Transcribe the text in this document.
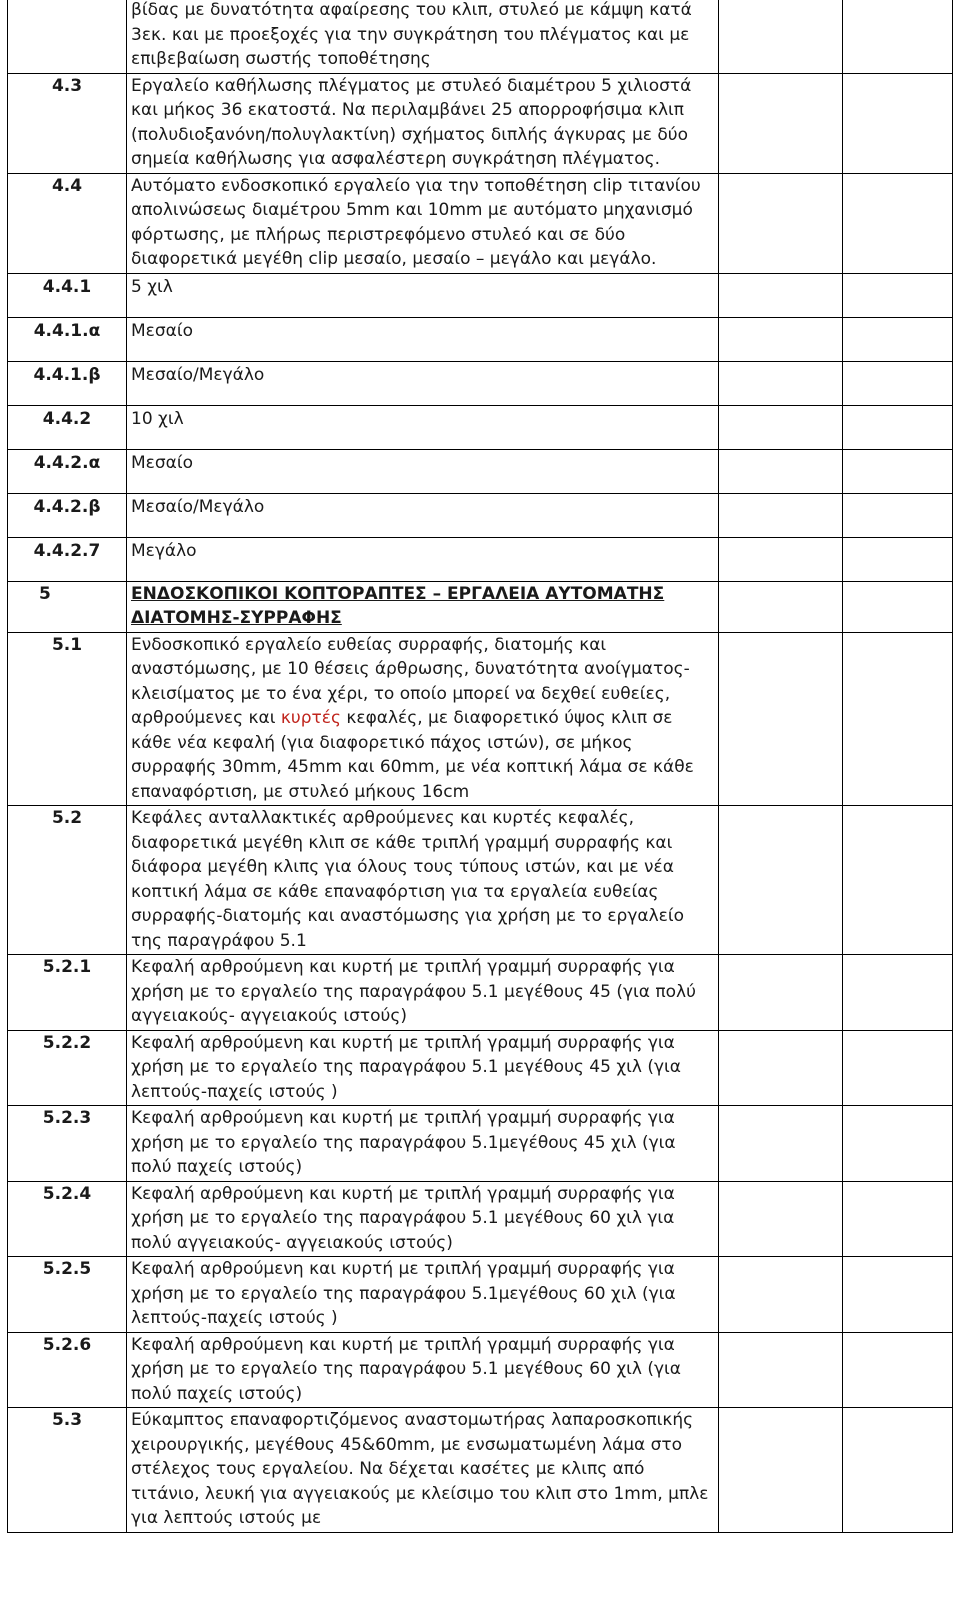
	βίδας με δυνατότητα αφαίρεσης του κλιπ, στυλεό με κάμψη κατά 3εκ. και με προεξοχές για την συγκράτηση του πλέγματος και με επιβεβαίωση σωστής τοποθέτησης		
4.3	Εργαλείο καθήλωσης πλέγματος με στυλεό διαμέτρου 5 χιλιοστά και μήκος 36 εκατοστά. Να περιλαμβάνει 25 απορροφήσιμα κλιπ (πολυδιοξανόνη/πολυγλακτίνη) σχήματος διπλής άγκυρας με δύο σημεία καθήλωσης για ασφαλέστερη συγκράτηση πλέγματος.		
4.4	Αυτόματο ενδοσκοπικό εργαλείο για την τοποθέτηση clip τιτανίου απολινώσεως διαμέτρου 5mm και 10mm με αυτόματο μηχανισμό φόρτωσης, με πλήρως περιστρεφόμενο στυλεό και σε δύο διαφορετικά μεγέθη clip μεσαίο, μεσαίο – μεγάλο και μεγάλο.		
4.4.1	5 χιλ		
4.4.1.α	Μεσαίο		
4.4.1.β	Μεσαίο/Μεγάλο		
4.4.2	10 χιλ		
4.4.2.α	Μεσαίο		
4.4.2.β	Μεσαίο/Μεγάλο		
4.4.2.7	Μεγάλο		
5	ΕΝΔΟΣΚΟΠΙΚΟΙ ΚΟΠΤΟΡΑΠΤΕΣ – ΕΡΓΑΛΕΙΑ ΑΥΤΟΜΑΤΗΣ ΔΙΑΤΟΜΗΣ-ΣΥΡΡΑΦΗΣ		
5.1	Ενδοσκοπικό εργαλείο ευθείας συρραφής, διατομής και αναστόμωσης, με 10 θέσεις άρθρωσης, δυνατότητα ανοίγματος-κλεισίματος με το ένα χέρι, το οποίο μπορεί να δεχθεί ευθείες, αρθρούμενες και κυρτές κεφαλές, με διαφορετικό ύψος κλιπ σε κάθε νέα κεφαλή (για διαφορετικό πάχος ιστών), σε μήκος συρραφής 30mm, 45mm και 60mm, με νέα κοπτική λάμα σε κάθε επαναφόρτιση, με στυλεό μήκους 16cm		
5.2	Κεφάλες ανταλλακτικές αρθρούμενες και κυρτές κεφαλές, διαφορετικά μεγέθη κλιπ σε κάθε τριπλή γραμμή συρραφής και διάφορα μεγέθη κλιπς για όλους τους τύπους ιστών, και με νέα κοπτική λάμα σε κάθε επαναφόρτιση για τα εργαλεία ευθείας συρραφής-διατομής και αναστόμωσης για χρήση με το εργαλείο της παραγράφου 5.1		
5.2.1	Κεφαλή αρθρούμενη και κυρτή με τριπλή γραμμή συρραφής για χρήση με το εργαλείο της παραγράφου 5.1 μεγέθους 45 (για πολύ αγγειακούς- αγγειακούς ιστούς)		
5.2.2	Κεφαλή αρθρούμενη και κυρτή με τριπλή γραμμή συρραφής για χρήση με το εργαλείο της παραγράφου 5.1 μεγέθους 45 χιλ (για λεπτούς-παχείς ιστούς )		
5.2.3	Κεφαλή αρθρούμενη και κυρτή με τριπλή γραμμή συρραφής για χρήση με το εργαλείο της παραγράφου 5.1μεγέθους 45 χιλ (για πολύ παχείς ιστούς)		
5.2.4	Κεφαλή αρθρούμενη και κυρτή με τριπλή γραμμή συρραφής για χρήση με το εργαλείο της παραγράφου 5.1 μεγέθους 60 χιλ για πολύ αγγειακούς- αγγειακούς ιστούς)		
5.2.5	Κεφαλή αρθρούμενη και κυρτή με τριπλή γραμμή συρραφής για χρήση με το εργαλείο της παραγράφου 5.1μεγέθους 60 χιλ (για λεπτούς-παχείς ιστούς )		
5.2.6	Κεφαλή αρθρούμενη και κυρτή με τριπλή γραμμή συρραφής για χρήση με το εργαλείο της παραγράφου 5.1 μεγέθους 60 χιλ (για πολύ παχείς ιστούς)		
5.3	Εύκαμπτος επαναφορτιζόμενος αναστομωτήρας λαπαροσκοπικής χειρουργικής, μεγέθους 45&60mm, με ενσωματωμένη λάμα στο στέλεχος τους εργαλείου. Να δέχεται κασέτες με κλιπς από τιτάνιο, λευκή για αγγειακούς με κλείσιμο του κλιπ στο 1mm, μπλε για λεπτούς ιστούς με		
